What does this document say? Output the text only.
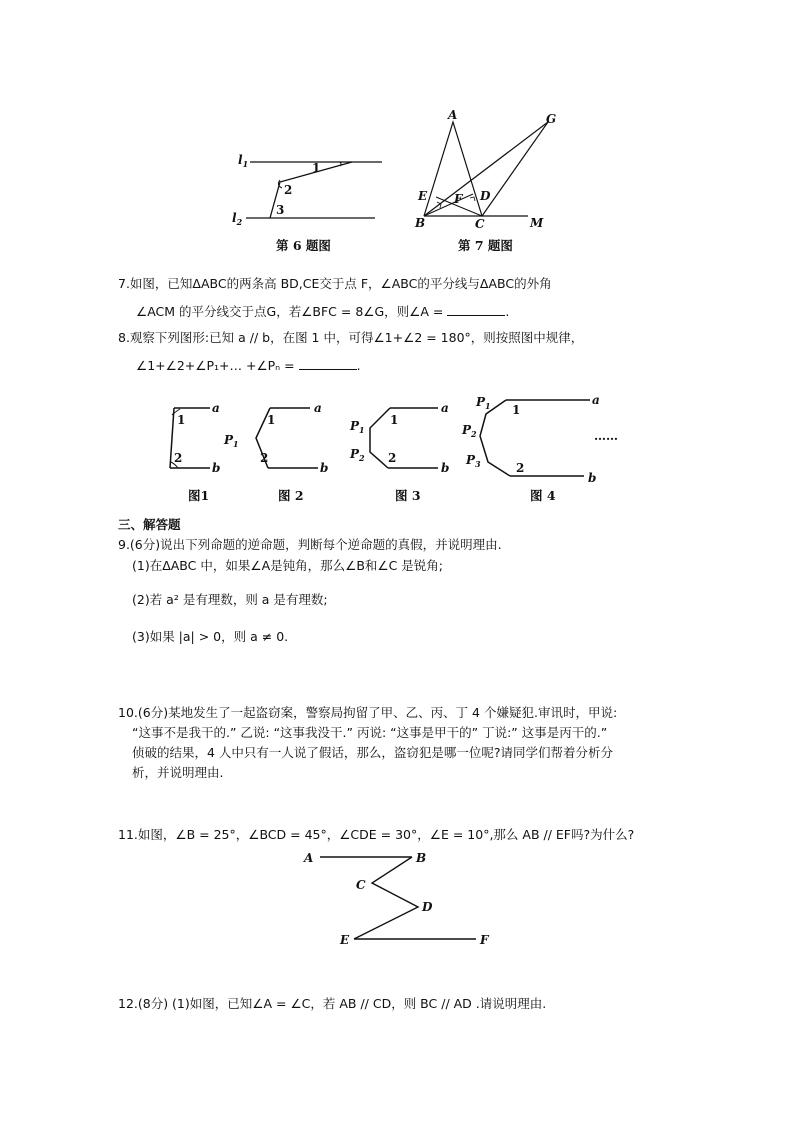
$l_1$
$l_2$
1
2
3
第 6 题图
A	G
E F D
B	C	M
第 7 题图
7.如图，已知ΔABC的两条高 BD,CE交于点 F，∠ABC的平分线与ΔABC的外角
∠ACM 的平分线交于点G，若∠BFC = 8∠G，则∠A =	.
8.观察下列图形:已知 a // b，在图 1 中，可得∠1+∠2 = 180°，则按照图中规律，
∠1+∠2+∠P₁+… +∠Pₙ =	.
a
b
1
2
a
b
1
2
$P_1$
a
b
1
2
$P_1$
$P_2$
a
b
1
2
$P_1$
$P_2$
$P_3$
……
图1	图 2	图 3	图 4
三、解答题
9.(6分)说出下列命题的逆命题，判断每个逆命题的真假，并说明理由.
(1)在ΔABC 中，如果∠A是钝角，那么∠B和∠C 是锐角;
(2)若 a² 是有理数，则 a 是有理数;
(3)如果 |a| > 0，则 a ≠ 0.
10.(6分)某地发生了一起盗窃案，警察局拘留了甲、乙、丙、丁 4 个嫌疑犯.审讯时，甲说:
“这事不是我干的.” 乙说: “这事我没干.” 丙说: “这事是甲干的” 丁说:” 这事是丙干的.”
侦破的结果，4 人中只有一人说了假话，那么，盗窃犯是哪一位呢?请同学们帮着分析分
析，并说明理由.
11.如图，∠B = 25°，∠BCD = 45°，∠CDE = 30°，∠E = 10°,那么 AB // EF吗?为什么?
A	B
C
D
E	F
12.(8分) (1)如图，已知∠A = ∠C，若 AB // CD，则 BC // AD .请说明理由.
